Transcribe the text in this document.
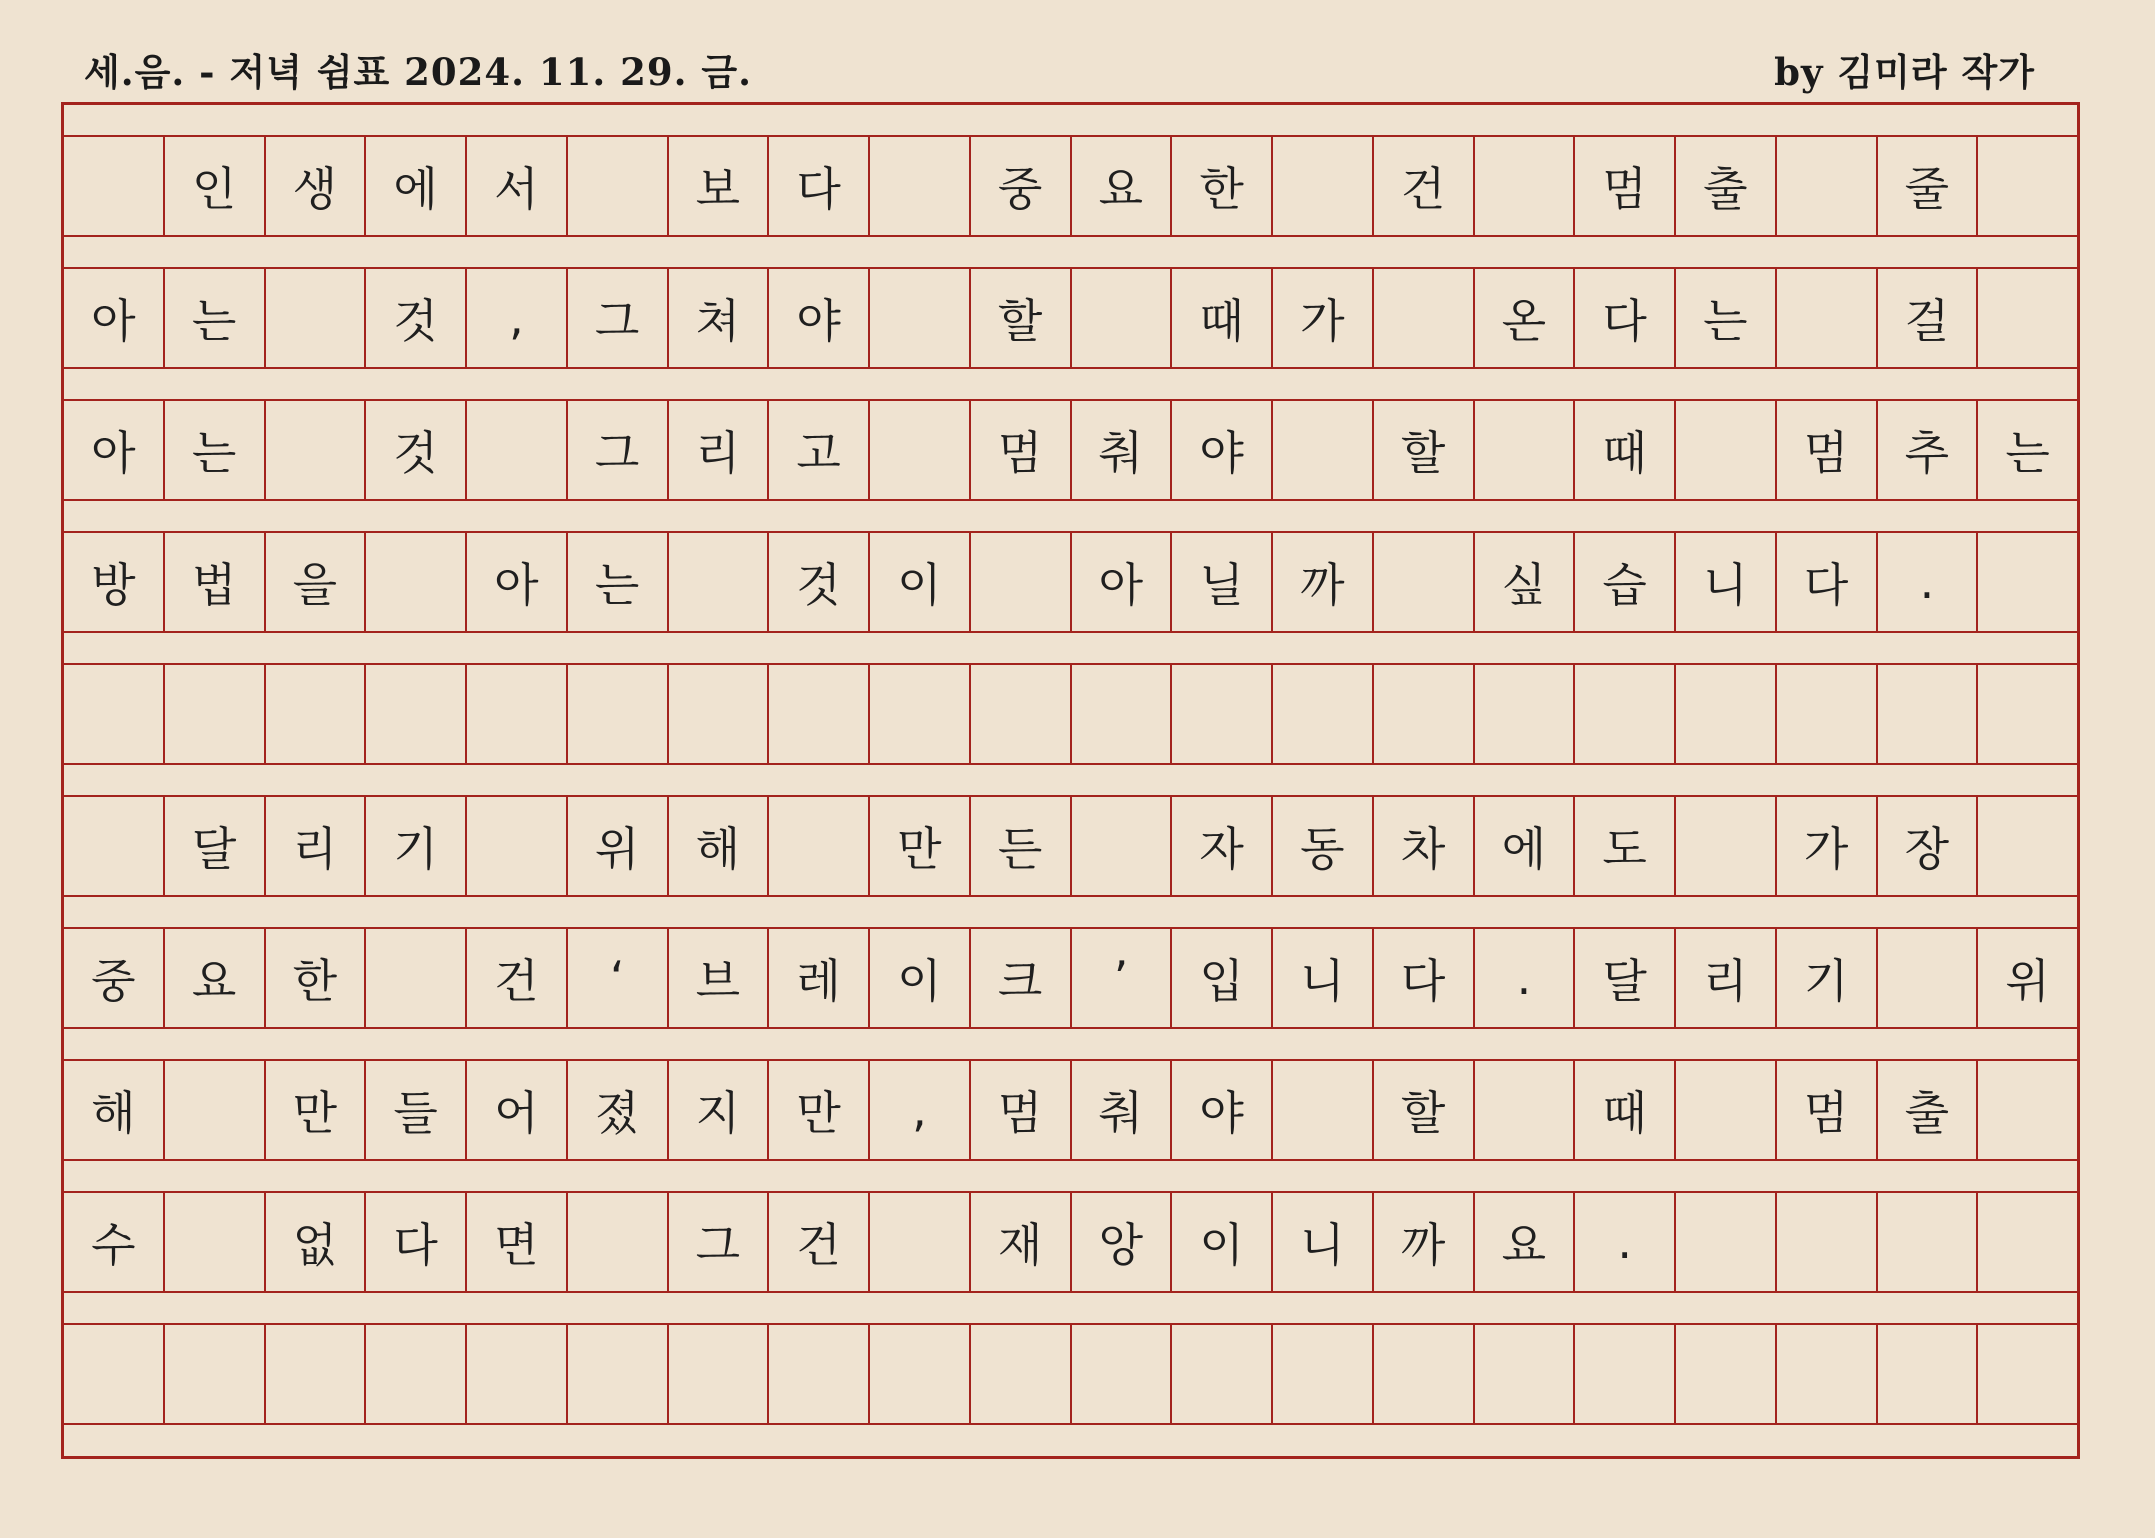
세.음. - 저녁 쉼표 2024. 11. 29. 금.	by 김미라 작가
인	생	에	서	보	다	중	요	한	건	멈	출	줄
아	는	것	,	그	쳐	야	할	때	가	온	다	는	걸
아	는	것	그	리	고	멈	춰	야	할	때	멈	추	는
방	법	을	아	는	것	이	아	닐	까	싶	습	니	다	.
달	리	기	위	해	만	든	자	동	차	에	도	가	장
중	요	한	건	‘	브	레	이	크	’	입	니	다	.	달	리	기	위
해	만	들	어	졌	지	만	,	멈	춰	야	할	때	멈	출
수	없	다	면	그	건	재	앙	이	니	까	요	.
